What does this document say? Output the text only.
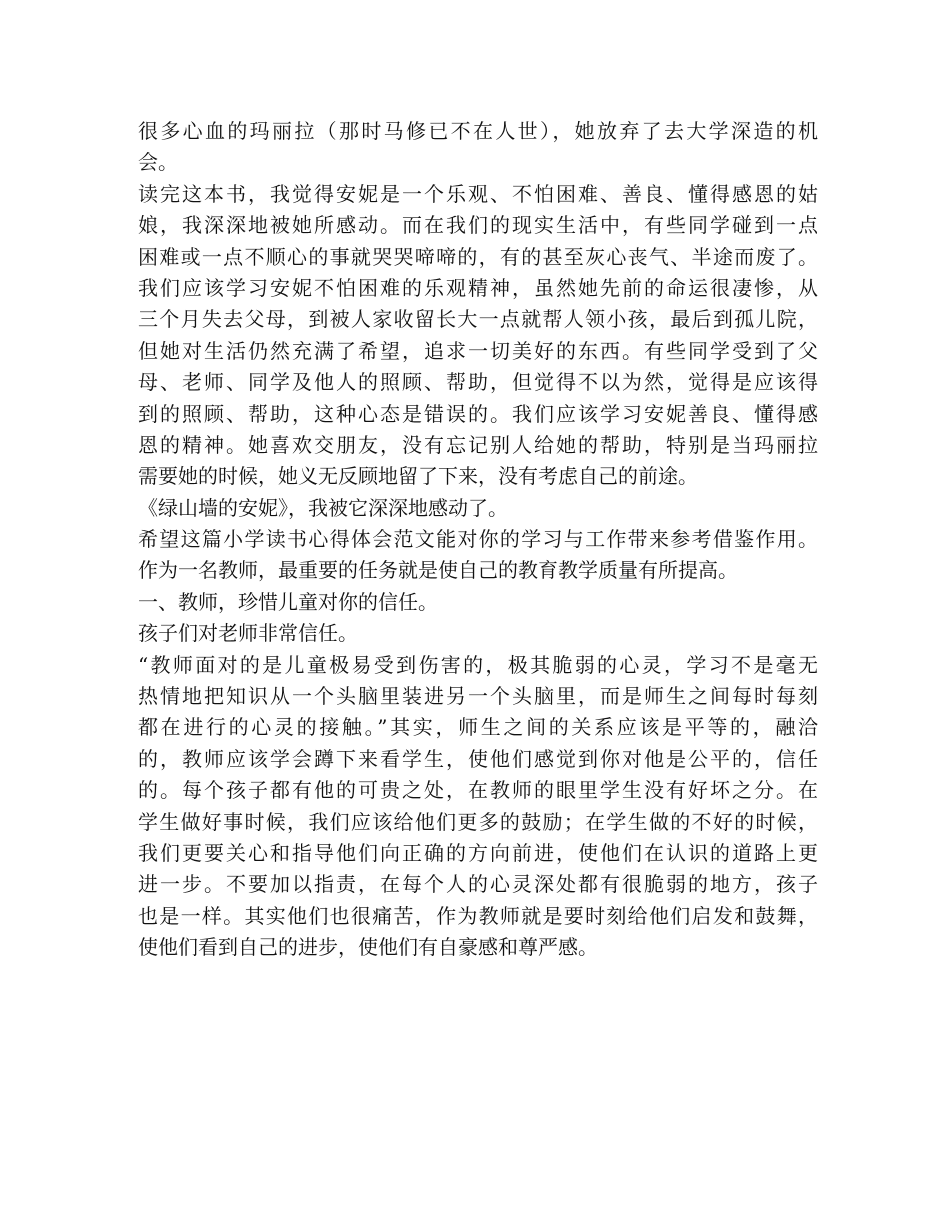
很多心血的玛丽拉（那时马修已不在人世），她放弃了去大学深造的机
会。
读完这本书，我觉得安妮是一个乐观、不怕困难、善良、懂得感恩的姑
娘，我深深地被她所感动。而在我们的现实生活中，有些同学碰到一点
困难或一点不顺心的事就哭哭啼啼的，有的甚至灰心丧气、半途而废了。
我们应该学习安妮不怕困难的乐观精神，虽然她先前的命运很凄惨，从
三个月失去父母，到被人家收留长大一点就帮人领小孩，最后到孤儿院，
但她对生活仍然充满了希望，追求一切美好的东西。有些同学受到了父
母、老师、同学及他人的照顾、帮助，但觉得不以为然，觉得是应该得
到的照顾、帮助，这种心态是错误的。我们应该学习安妮善良、懂得感
恩的精神。她喜欢交朋友，没有忘记别人给她的帮助，特别是当玛丽拉
需要她的时候，她义无反顾地留了下来，没有考虑自己的前途。
《绿山墙的安妮》，我被它深深地感动了。
希望这篇小学读书心得体会范文能对你的学习与工作带来参考借鉴作用。
作为一名教师，最重要的任务就是使自己的教育教学质量有所提高。
一、教师，珍惜儿童对你的信任。
孩子们对老师非常信任。
“教师面对的是儿童极易受到伤害的，极其脆弱的心灵，学习不是毫无
热情地把知识从一个头脑里装进另一个头脑里，而是师生之间每时每刻
都在进行的心灵的接触。”其实，师生之间的关系应该是平等的，融洽
的，教师应该学会蹲下来看学生，使他们感觉到你对他是公平的，信任
的。每个孩子都有他的可贵之处，在教师的眼里学生没有好坏之分。在
学生做好事时候，我们应该给他们更多的鼓励；在学生做的不好的时候，
我们更要关心和指导他们向正确的方向前进，使他们在认识的道路上更
进一步。不要加以指责，在每个人的心灵深处都有很脆弱的地方，孩子
也是一样。其实他们也很痛苦，作为教师就是要时刻给他们启发和鼓舞，
使他们看到自己的进步，使他们有自豪感和尊严感。
